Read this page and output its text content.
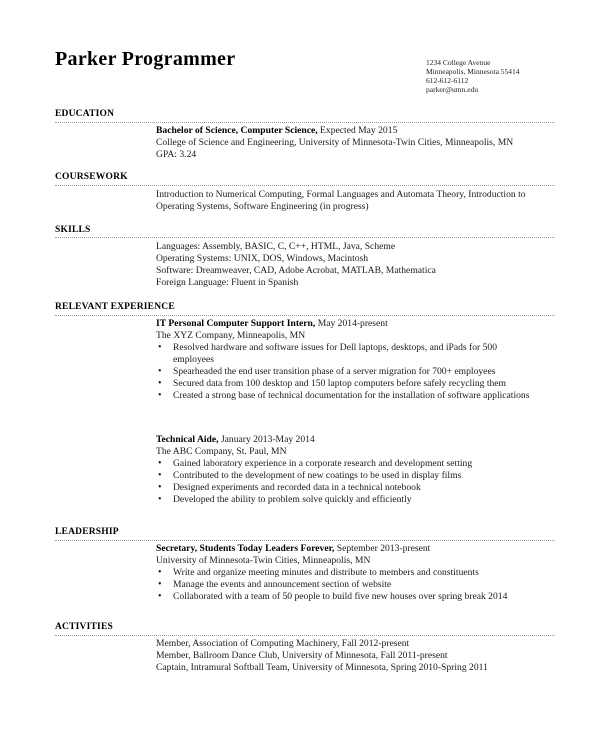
Parker Programmer	1234 College Avenue
Minneapolis, Minnesota 55414
612-612-6112
parker@umn.edu
EDUCATION
Bachelor of Science, Computer Science, Expected May 2015
College of Science and Engineering, University of Minnesota-Twin Cities, Minneapolis, MN
GPA: 3.24
COURSEWORK
Introduction to Numerical Computing, Formal Languages and Automata Theory, Introduction to Operating Systems, Software Engineering (in progress)
SKILLS
Languages: Assembly, BASIC, C, C++, HTML, Java, Scheme
Operating Systems: UNIX, DOS, Windows, Macintosh
Software: Dreamweaver, CAD, Adobe Acrobat, MATLAB, Mathematica
Foreign Language: Fluent in Spanish
RELEVANT EXPERIENCE
IT Personal Computer Support Intern, May 2014-present
The XYZ Company, Minneapolis, MN
• Resolved hardware and software issues for Dell laptops, desktops, and iPads for 500 employees
• Spearheaded the end user transition phase of a server migration for 700+ employees
• Secured data from 100 desktop and 150 laptop computers before safely recycling them
• Created a strong base of technical documentation for the installation of software applications
Technical Aide, January 2013-May 2014
The ABC Company, St. Paul, MN
• Gained laboratory experience in a corporate research and development setting
• Contributed to the development of new coatings to be used in display films
• Designed experiments and recorded data in a technical notebook
• Developed the ability to problem solve quickly and efficiently
LEADERSHIP
Secretary, Students Today Leaders Forever, September 2013-present
University of Minnesota-Twin Cities, Minneapolis, MN
• Write and organize meeting minutes and distribute to members and constituents
• Manage the events and announcement section of website
• Collaborated with a team of 50 people to build five new houses over spring break 2014
ACTIVITIES
Member, Association of Computing Machinery, Fall 2012-present
Member, Ballroom Dance Club, University of Minnesota, Fall 2011-present
Captain, Intramural Softball Team, University of Minnesota, Spring 2010-Spring 2011
